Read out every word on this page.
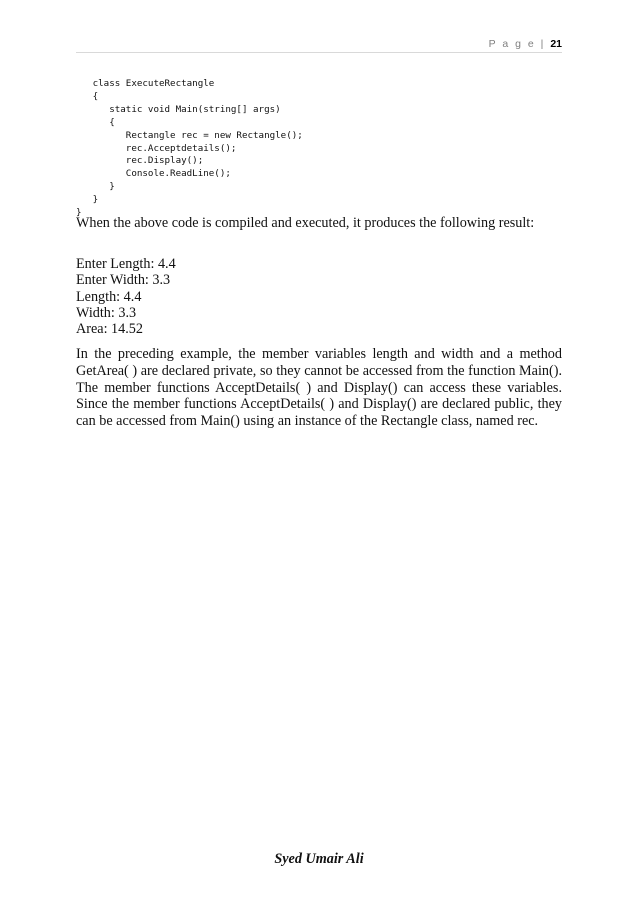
P a g e | 21
class ExecuteRectangle
{
static void Main(string[] args)
{
Rectangle rec = new Rectangle();
rec.Acceptdetails();
rec.Display();
Console.ReadLine();
}
}
}
When the above code is compiled and executed, it produces the following result:
Enter Length: 4.4
Enter Width: 3.3
Length: 4.4
Width: 3.3
Area: 14.52
In the preceding example, the member variables length and width and a method GetArea( ) are declared private, so they cannot be accessed from the function Main(). The member functions AcceptDetails( ) and Display() can access these variables. Since the member functions AcceptDetails( ) and Display() are declared public, they can be accessed from Main() using an instance of the Rectangle class, named rec.
Syed Umair Ali
